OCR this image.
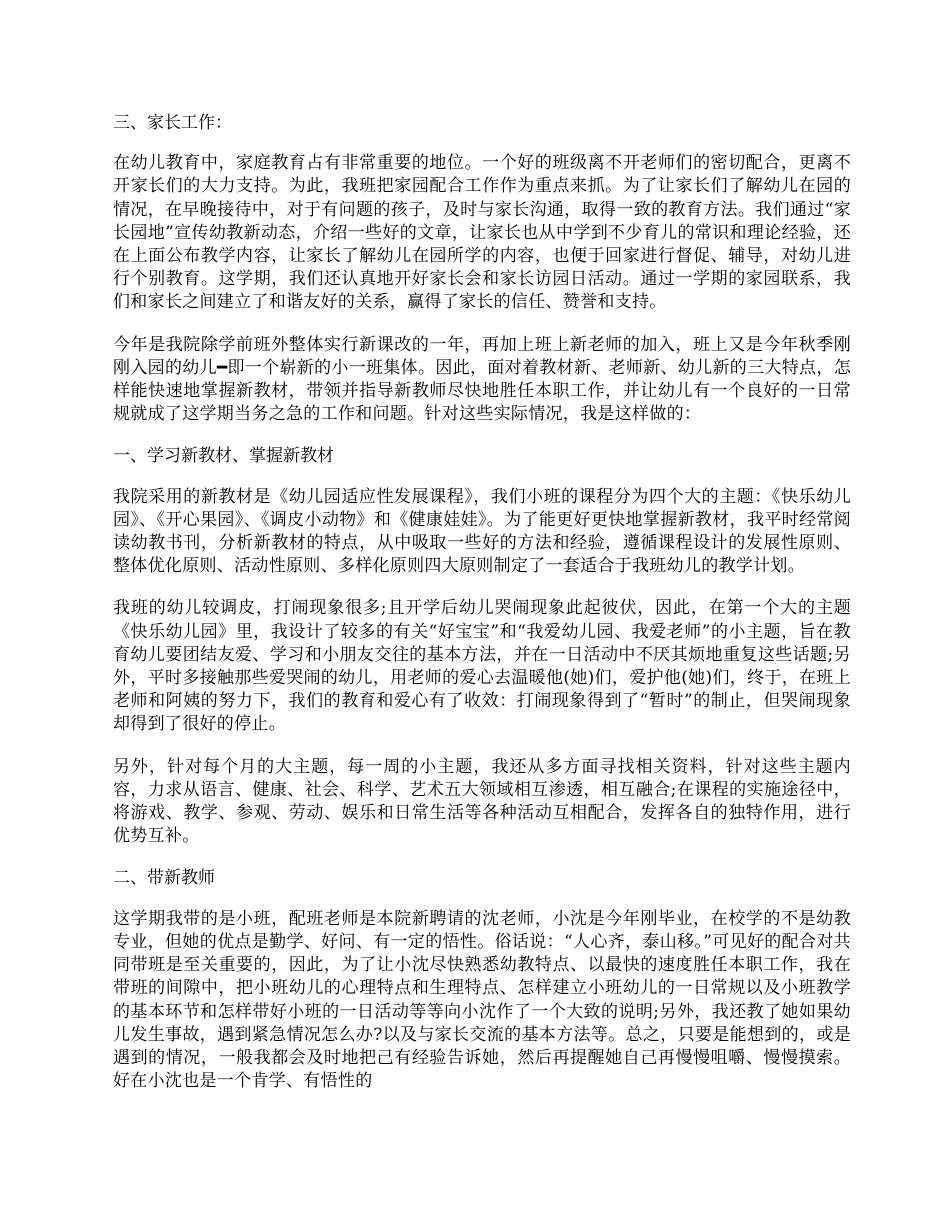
三、家长工作：

在幼儿教育中，家庭教育占有非常重要的地位。一个好的班级离不开老师们的密切配合，更离不开家长们的大力支持。为此，我班把家园配合工作作为重点来抓。为了让家长们了解幼儿在园的情况，在早晚接待中，对于有问题的孩子，及时与家长沟通，取得一致的教育方法。我们通过“家长园地”宣传幼教新动态，介绍一些好的文章，让家长也从中学到不少育儿的常识和理论经验，还在上面公布教学内容，让家长了解幼儿在园所学的内容，也便于回家进行督促、辅导，对幼儿进行个别教育。这学期，我们还认真地开好家长会和家长访园日活动。通过一学期的家园联系，我们和家长之间建立了和谐友好的关系，赢得了家长的信任、赞誉和支持。

今年是我院除学前班外整体实行新课改的一年，再加上班上新老师的加入，班上又是今年秋季刚刚入园的幼儿━即一个崭新的小一班集体。因此，面对着教材新、老师新、幼儿新的三大特点，怎样能快速地掌握新教材，带领并指导新教师尽快地胜任本职工作，并让幼儿有一个良好的一日常规就成了这学期当务之急的工作和问题。针对这些实际情况，我是这样做的：

一、学习新教材、掌握新教材

我院采用的新教材是《幼儿园适应性发展课程》，我们小班的课程分为四个大的主题：《快乐幼儿园》、《开心果园》、《调皮小动物》和《健康娃娃》。为了能更好更快地掌握新教材，我平时经常阅读幼教书刊，分析新教材的特点，从中吸取一些好的方法和经验，遵循课程设计的发展性原则、整体优化原则、活动性原则、多样化原则四大原则制定了一套适合于我班幼儿的教学计划。

我班的幼儿较调皮，打闹现象很多;且开学后幼儿哭闹现象此起彼伏，因此，在第一个大的主题《快乐幼儿园》里，我设计了较多的有关“好宝宝”和“我爱幼儿园、我爱老师”的小主题，旨在教育幼儿要团结友爱、学习和小朋友交往的基本方法，并在一日活动中不厌其烦地重复这些话题;另外，平时多接触那些爱哭闹的幼儿，用老师的爱心去温暖他(她)们，爱护他(她)们，终于，在班上老师和阿姨的努力下，我们的教育和爱心有了收效：打闹现象得到了“暂时”的制止，但哭闹现象却得到了很好的停止。

另外，针对每个月的大主题，每一周的小主题，我还从多方面寻找相关资料，针对这些主题内容，力求从语言、健康、社会、科学、艺术五大领域相互渗透，相互融合;在课程的实施途径中，将游戏、教学、参观、劳动、娱乐和日常生活等各种活动互相配合，发挥各自的独特作用，进行优势互补。

二、带新教师

这学期我带的是小班，配班老师是本院新聘请的沈老师，小沈是今年刚毕业，在校学的不是幼教专业，但她的优点是勤学、好问、有一定的悟性。俗话说：“人心齐，泰山移。”可见好的配合对共同带班是至关重要的，因此，为了让小沈尽快熟悉幼教特点、以最快的速度胜任本职工作，我在带班的间隙中，把小班幼儿的心理特点和生理特点、怎样建立小班幼儿的一日常规以及小班教学的基本环节和怎样带好小班的一日活动等等向小沈作了一个大致的说明;另外，我还教了她如果幼儿发生事故，遇到紧急情况怎么办?以及与家长交流的基本方法等。总之，只要是能想到的，或是遇到的情况，一般我都会及时地把己有经验告诉她，然后再提醒她自己再慢慢咀嚼、慢慢摸索。好在小沈也是一个肯学、有悟性的
